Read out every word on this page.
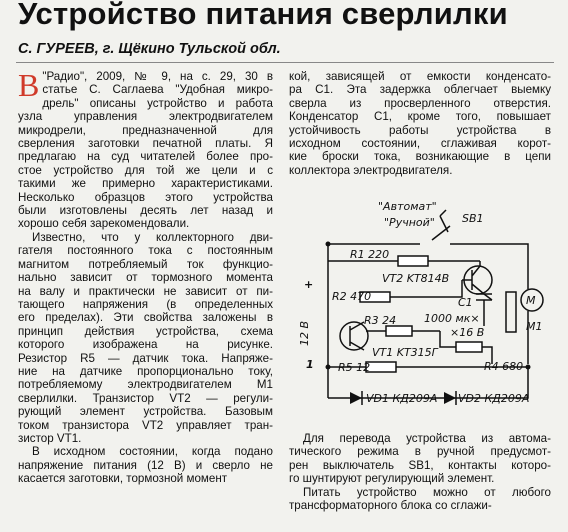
Устройство питания сверлилки
С. ГУРЕЕВ, г. Щёкино Тульской обл.
В "Радио", 2009, № 9, на с. 29, 30 в
статье С. Саглаева "Удобная микро-
дрель" описаны устройство и работа
узла управления электродвигателем
микродрели, предназначенной для
сверления заготовки печатной платы. Я
предлагаю на суд читателей более про-
стое устройство для той же цели и с
такими же примерно характеристиками.
Несколько образцов этого устройства
были изготовлены десять лет назад и
хорошо себя зарекомендовали.
Известно, что у коллекторного дви-
гателя постоянного тока с постоянным
магнитом потребляемый ток функцио-
нально зависит от тормозного момента
на валу и практически не зависит от пи-
тающего напряжения (в определенных
его пределах). Эти свойства заложены в
принцип действия устройства, схема
которого изображена на рисунке.
Резистор R5 — датчик тока. Напряже-
ние на датчике пропорционально току,
потребляемому электродвигателем M1
сверлилки. Транзистор VT2 — регули-
рующий элемент устройства. Базовым
током транзистора VT2 управляет тран-
зистор VT1.
В исходном состоянии, когда подано
напряжение питания (12 В) и сверло не
касается заготовки, тормозной момент
кой, зависящей от емкости конденсато-
ра C1. Эта задержка облегчает выемку
сверла из просверленного отверстия.
Конденсатор C1, кроме того, повышает
устойчивость работы устройства в
исходном состоянии, сглаживая корот-
кие броски тока, возникающие в цепи
коллектора электродвигателя.
Для перевода устройства из автома-
тического режима в ручной предусмот-
рен выключатель SB1, контакты которо-
го шунтируют регулирующий элемент.
Питать устройство можно от любого
трансформаторного блока со сглажи-
"Автомат"
"Ручной" SB1
R1 220
+
1
12 В
VT2 KT814B
R2 470	C1
1000 мк×
×16 В
M
M1
R3 24
VT1 KT315Г
R4 680
R5 12
VD1 КД209А VD2 КД209А
